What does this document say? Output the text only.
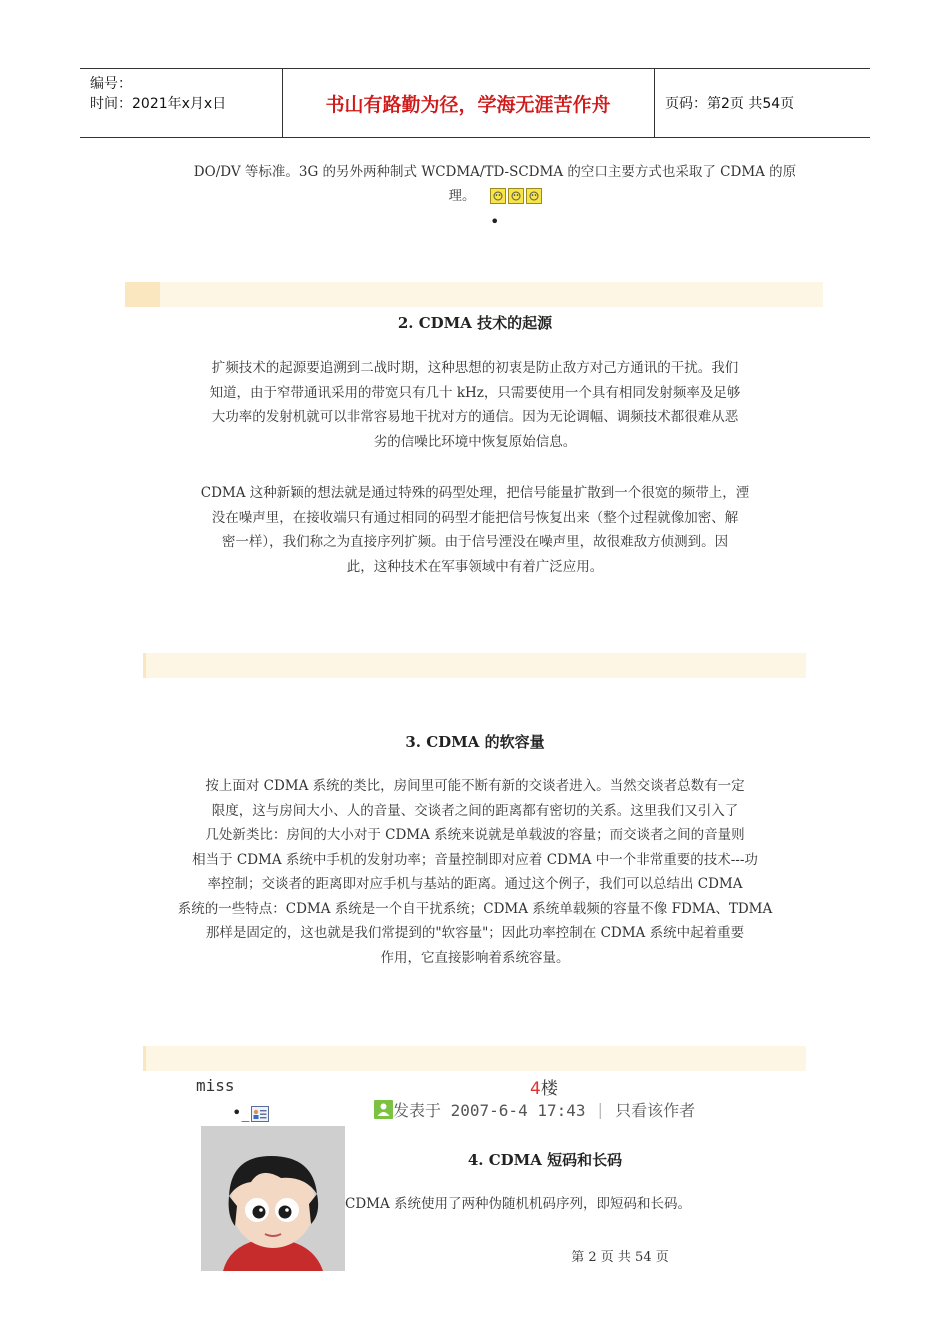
编号：
时间：2021年x月x日	书山有路勤为径，学海无涯苦作舟	页码：第2页 共54页
DO/DV 等标准。3G 的另外两种制式 WCDMA/TD-SCDMA 的空口主要方式也采取了 CDMA 的原
理。
•
2. CDMA 技术的起源
扩频技术的起源要追溯到二战时期，这种思想的初衷是防止敌方对己方通讯的干扰。我们
知道，由于窄带通讯采用的带宽只有几十 kHz，只需要使用一个具有相同发射频率及足够
大功率的发射机就可以非常容易地干扰对方的通信。因为无论调幅、调频技术都很难从恶
劣的信噪比环境中恢复原始信息。
CDMA 这种新颖的想法就是通过特殊的码型处理，把信号能量扩散到一个很宽的频带上，湮
没在噪声里，在接收端只有通过相同的码型才能把信号恢复出来（整个过程就像加密、解
密一样），我们称之为直接序列扩频。由于信号湮没在噪声里，故很难敌方侦测到。因
此，这种技术在军事领域中有着广泛应用。
3. CDMA 的软容量
按上面对 CDMA 系统的类比，房间里可能不断有新的交谈者进入。当然交谈者总数有一定
限度，这与房间大小、人的音量、交谈者之间的距离都有密切的关系。这里我们又引入了
几处新类比：房间的大小对于 CDMA 系统来说就是单载波的容量；而交谈者之间的音量则
相当于 CDMA 系统中手机的发射功率；音量控制即对应着 CDMA 中一个非常重要的技术---功
率控制；交谈者的距离即对应手机与基站的距离。通过这个例子，我们可以总结出 CDMA
系统的一些特点：CDMA 系统是一个自干扰系统；CDMA 系统单载频的容量不像 FDMA、TDMA
那样是固定的，这也就是我们常提到的"软容量"；因此功率控制在 CDMA 系统中起着重要
作用，它直接影响着系统容量。
miss	4楼
•_	发表于 2007-6-4 17:43 | 只看该作者
4. CDMA 短码和长码
CDMA 系统使用了两种伪随机机码序列，即短码和长码。
第 2 页 共 54 页
